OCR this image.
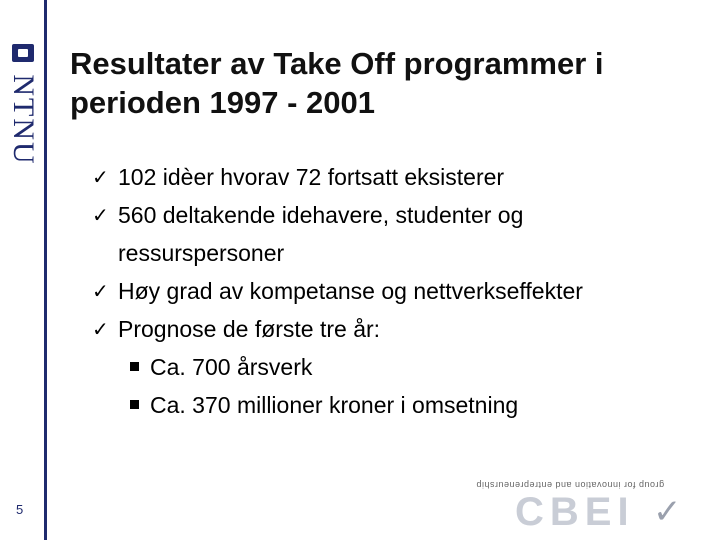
NTNU
5
Resultater av Take Off programmer i perioden 1997 - 2001
✓ 102 idèer hvorav 72 fortsatt eksisterer
✓ 560 deltakende idehavere, studenter og
ressurspersoner
✓ Høy grad av kompetanse og nettverkseffekter
✓ Prognose de første tre år:
Ca. 700 årsverk
Ca. 370 millioner kroner i omsetning
group for innovation and entrepreneurship
CBEI ✓
